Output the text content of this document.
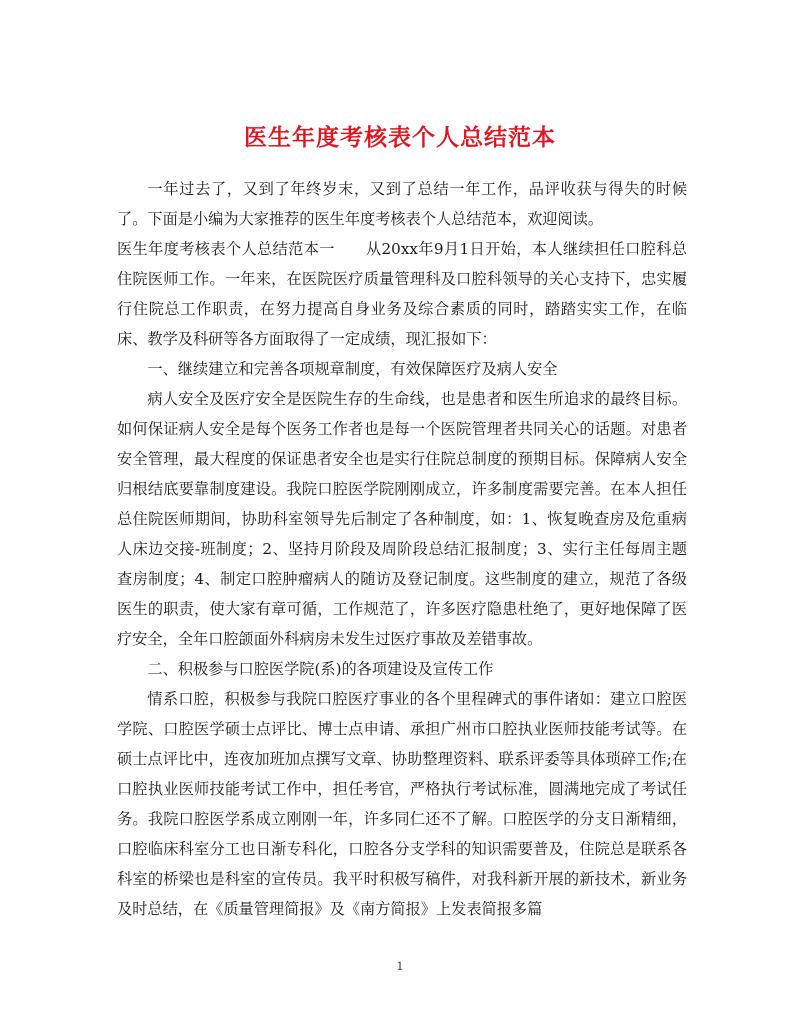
医生年度考核表个人总结范本

一年过去了，又到了年终岁末，又到了总结一年工作，品评收获与得失的时候了。下面是小编为大家推荐的医生年度考核表个人总结范本，欢迎阅读。

医生年度考核表个人总结范本一　　从20xx年9月1日开始，本人继续担任口腔科总住院医师工作。一年来，在医院医疗质量管理科及口腔科领导的关心支持下，忠实履行住院总工作职责，在努力提高自身业务及综合素质的同时，踏踏实实工作，在临床、教学及科研等各方面取得了一定成绩，现汇报如下：

一、继续建立和完善各项规章制度，有效保障医疗及病人安全

病人安全及医疗安全是医院生存的生命线，也是患者和医生所追求的最终目标。如何保证病人安全是每个医务工作者也是每一个医院管理者共同关心的话题。对患者安全管理，最大程度的保证患者安全也是实行住院总制度的预期目标。保障病人安全归根结底要靠制度建设。我院口腔医学院刚刚成立，许多制度需要完善。在本人担任总住院医师期间，协助科室领导先后制定了各种制度，如：1、恢复晚查房及危重病人床边交接-班制度；2、坚持月阶段及周阶段总结汇报制度；3、实行主任每周主题查房制度；4、制定口腔肿瘤病人的随访及登记制度。这些制度的建立，规范了各级医生的职责，使大家有章可循，工作规范了，许多医疗隐患杜绝了，更好地保障了医疗安全，全年口腔颌面外科病房未发生过医疗事故及差错事故。

二、积极参与口腔医学院(系)的各项建设及宣传工作

情系口腔，积极参与我院口腔医疗事业的各个里程碑式的事件诸如：建立口腔医学院、口腔医学硕士点评比、博士点申请、承担广州市口腔执业医师技能考试等。在硕士点评比中，连夜加班加点撰写文章、协助整理资料、联系评委等具体琐碎工作;在口腔执业医师技能考试工作中，担任考官，严格执行考试标准，圆满地完成了考试任务。我院口腔医学系成立刚刚一年，许多同仁还不了解。口腔医学的分支日渐精细，口腔临床科室分工也日渐专科化，口腔各分支学科的知识需要普及，住院总是联系各科室的桥梁也是科室的宣传员。我平时积极写稿件，对我科新开展的新技术，新业务及时总结，在《质量管理简报》及《南方简报》上发表简报多篇

1
